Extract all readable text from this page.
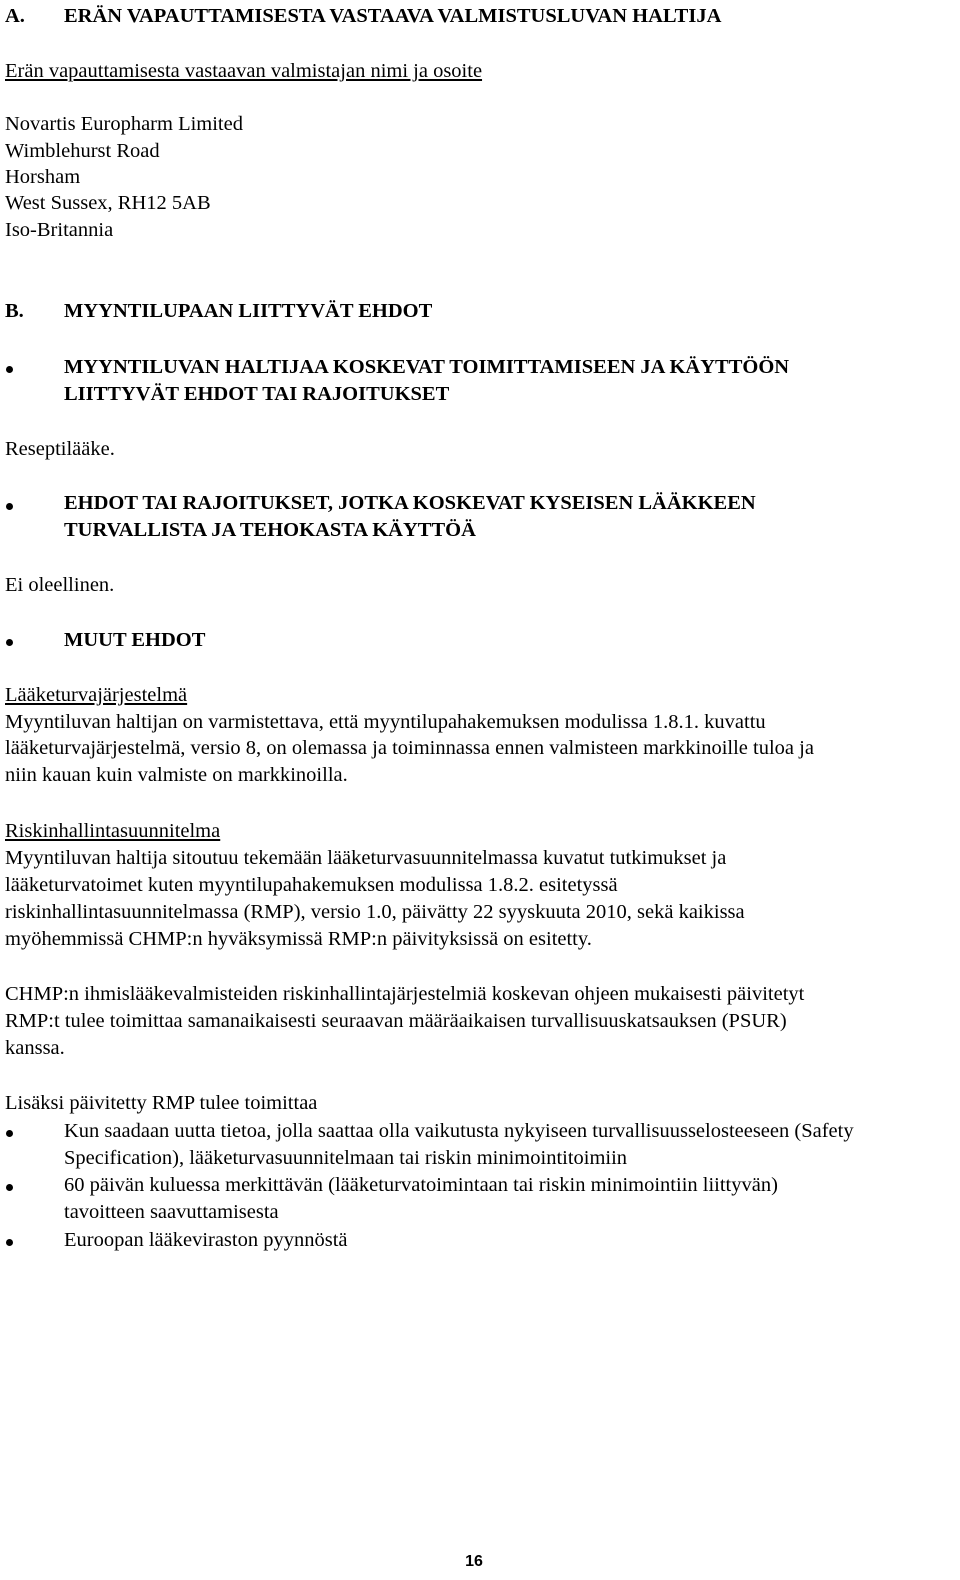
A. ERÄN VAPAUTTAMISESTA VASTAAVA VALMISTUSLUVAN HALTIJA
Erän vapauttamisesta vastaavan valmistajan nimi ja osoite
Novartis Europharm Limited
Wimblehurst Road
Horsham
West Sussex, RH12 5AB
Iso-Britannia
B. MYYNTILUPAAN LIITTYVÄT EHDOT
MYYNTILUVAN HALTIJAA KOSKEVAT TOIMITTAMISEEN JA KÄYTTÖÖN
LIITTYVÄT EHDOT TAI RAJOITUKSET
Reseptilääke.
EHDOT TAI RAJOITUKSET, JOTKA KOSKEVAT KYSEISEN LÄÄKKEEN
TURVALLISTA JA TEHOKASTA KÄYTTÖÄ
Ei oleellinen.
MUUT EHDOT
Lääketurvajärjestelmä
Myyntiluvan haltijan on varmistettava, että myyntilupahakemuksen modulissa 1.8.1. kuvattu
lääketurvajärjestelmä, versio 8, on olemassa ja toiminnassa ennen valmisteen markkinoille tuloa ja
niin kauan kuin valmiste on markkinoilla.
Riskinhallintasuunnitelma
Myyntiluvan haltija sitoutuu tekemään lääketurvasuunnitelmassa kuvatut tutkimukset ja
lääketurvatoimet kuten myyntilupahakemuksen modulissa 1.8.2. esitetyssä
riskinhallintasuunnitelmassa (RMP), versio 1.0, päivätty 22 syyskuuta 2010, sekä kaikissa
myöhemmissä CHMP:n hyväksymissä RMP:n päivityksissä on esitetty.
CHMP:n ihmislääkevalmisteiden riskinhallintajärjestelmiä koskevan ohjeen mukaisesti päivitetyt
RMP:t tulee toimittaa samanaikaisesti seuraavan määräaikaisen turvallisuuskatsauksen (PSUR)
kanssa.
Lisäksi päivitetty RMP tulee toimittaa
Kun saadaan uutta tietoa, jolla saattaa olla vaikutusta nykyiseen turvallisuusselosteeseen (Safety
Specification), lääketurvasuunnitelmaan tai riskin minimointitoimiin
60 päivän kuluessa merkittävän (lääketurvatoimintaan tai riskin minimointiin liittyvän)
tavoitteen saavuttamisesta
Euroopan lääkeviraston pyynnöstä
16
